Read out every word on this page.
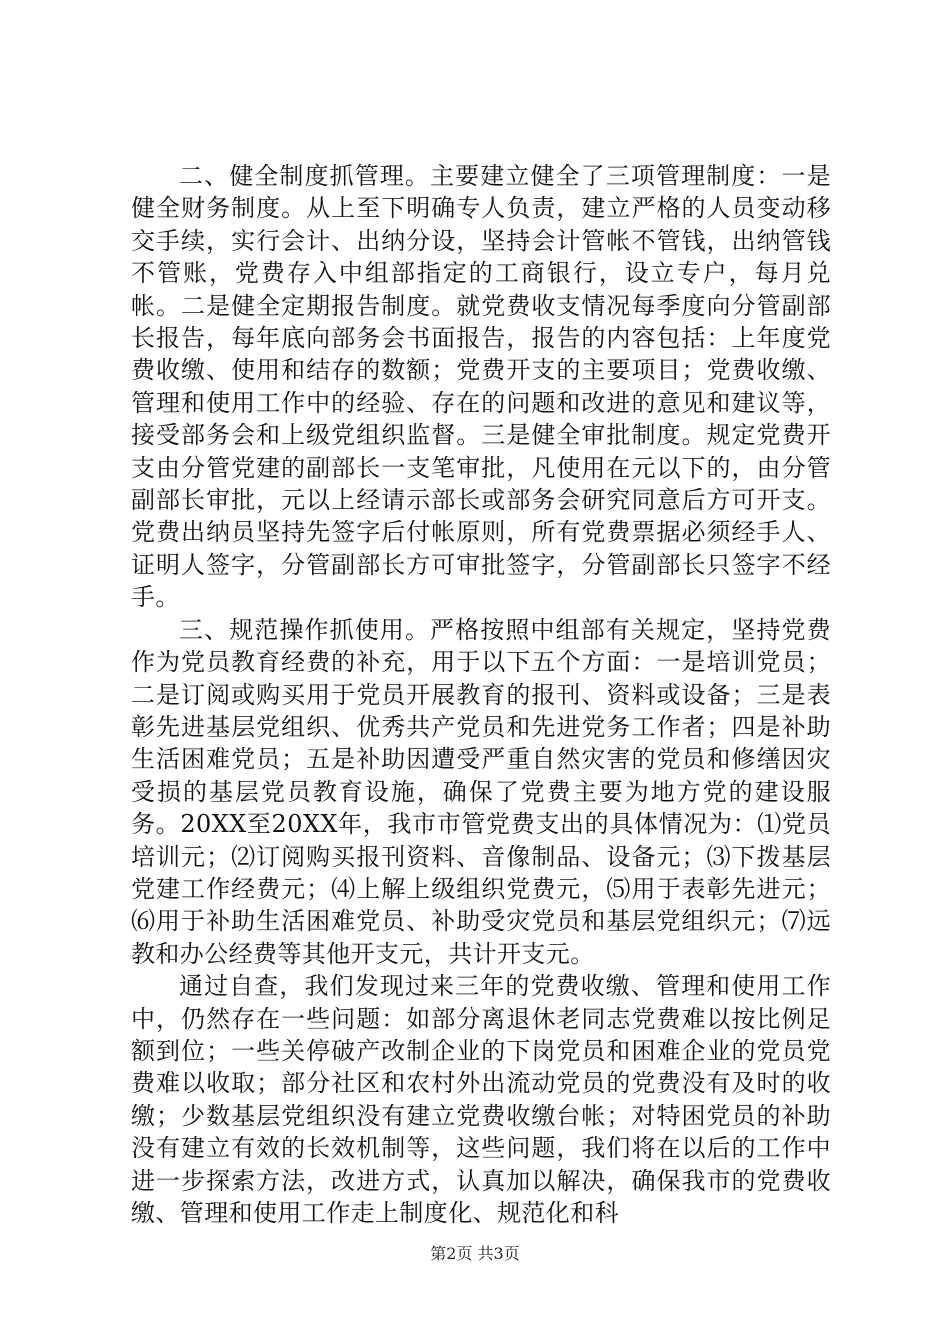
二、健全制度抓管理。主要建立健全了三项管理制度：一是健全财务制度。从上至下明确专人负责，建立严格的人员变动移交手续，实行会计、出纳分设，坚持会计管帐不管钱，出纳管钱不管账，党费存入中组部指定的工商银行，设立专户，每月兑帐。二是健全定期报告制度。就党费收支情况每季度向分管副部长报告，每年底向部务会书面报告，报告的内容包括：上年度党费收缴、使用和结存的数额；党费开支的主要项目；党费收缴、管理和使用工作中的经验、存在的问题和改进的意见和建议等，接受部务会和上级党组织监督。三是健全审批制度。规定党费开支由分管党建的副部长一支笔审批，凡使用在元以下的，由分管副部长审批，元以上经请示部长或部务会研究同意后方可开支。党费出纳员坚持先签字后付帐原则，所有党费票据必须经手人、证明人签字，分管副部长方可审批签字，分管副部长只签字不经手。

三、规范操作抓使用。严格按照中组部有关规定，坚持党费作为党员教育经费的补充，用于以下五个方面：一是培训党员；二是订阅或购买用于党员开展教育的报刊、资料或设备；三是表彰先进基层党组织、优秀共产党员和先进党务工作者；四是补助生活困难党员；五是补助因遭受严重自然灾害的党员和修缮因灾受损的基层党员教育设施，确保了党费主要为地方党的建设服务。20XX至20XX年，我市市管党费支出的具体情况为：⑴党员培训元；⑵订阅购买报刊资料、音像制品、设备元；⑶下拨基层党建工作经费元；⑷上解上级组织党费元，⑸用于表彰先进元；⑹用于补助生活困难党员、补助受灾党员和基层党组织元；⑺远教和办公经费等其他开支元，共计开支元。

通过自查，我们发现过来三年的党费收缴、管理和使用工作中，仍然存在一些问题：如部分离退休老同志党费难以按比例足额到位；一些关停破产改制企业的下岗党员和困难企业的党员党费难以收取；部分社区和农村外出流动党员的党费没有及时的收缴；少数基层党组织没有建立党费收缴台帐；对特困党员的补助没有建立有效的长效机制等，这些问题，我们将在以后的工作中进一步探索方法，改进方式，认真加以解决，确保我市的党费收缴、管理和使用工作走上制度化、规范化和科

第2页 共3页
